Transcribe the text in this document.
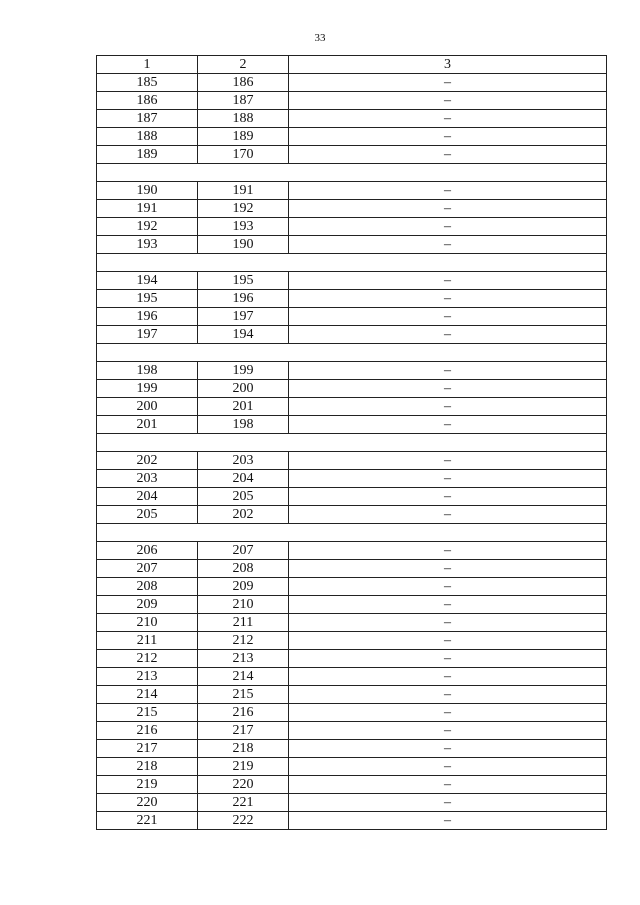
33
1	2	3
185	186	–
186	187	–
187	188	–
188	189	–
189	170	–

190	191	–
191	192	–
192	193	–
193	190	–

194	195	–
195	196	–
196	197	–
197	194	–

198	199	–
199	200	–
200	201	–
201	198	–

202	203	–
203	204	–
204	205	–
205	202	–

206	207	–
207	208	–
208	209	–
209	210	–
210	211	–
211	212	–
212	213	–
213	214	–
214	215	–
215	216	–
216	217	–
217	218	–
218	219	–
219	220	–
220	221	–
221	222	–
